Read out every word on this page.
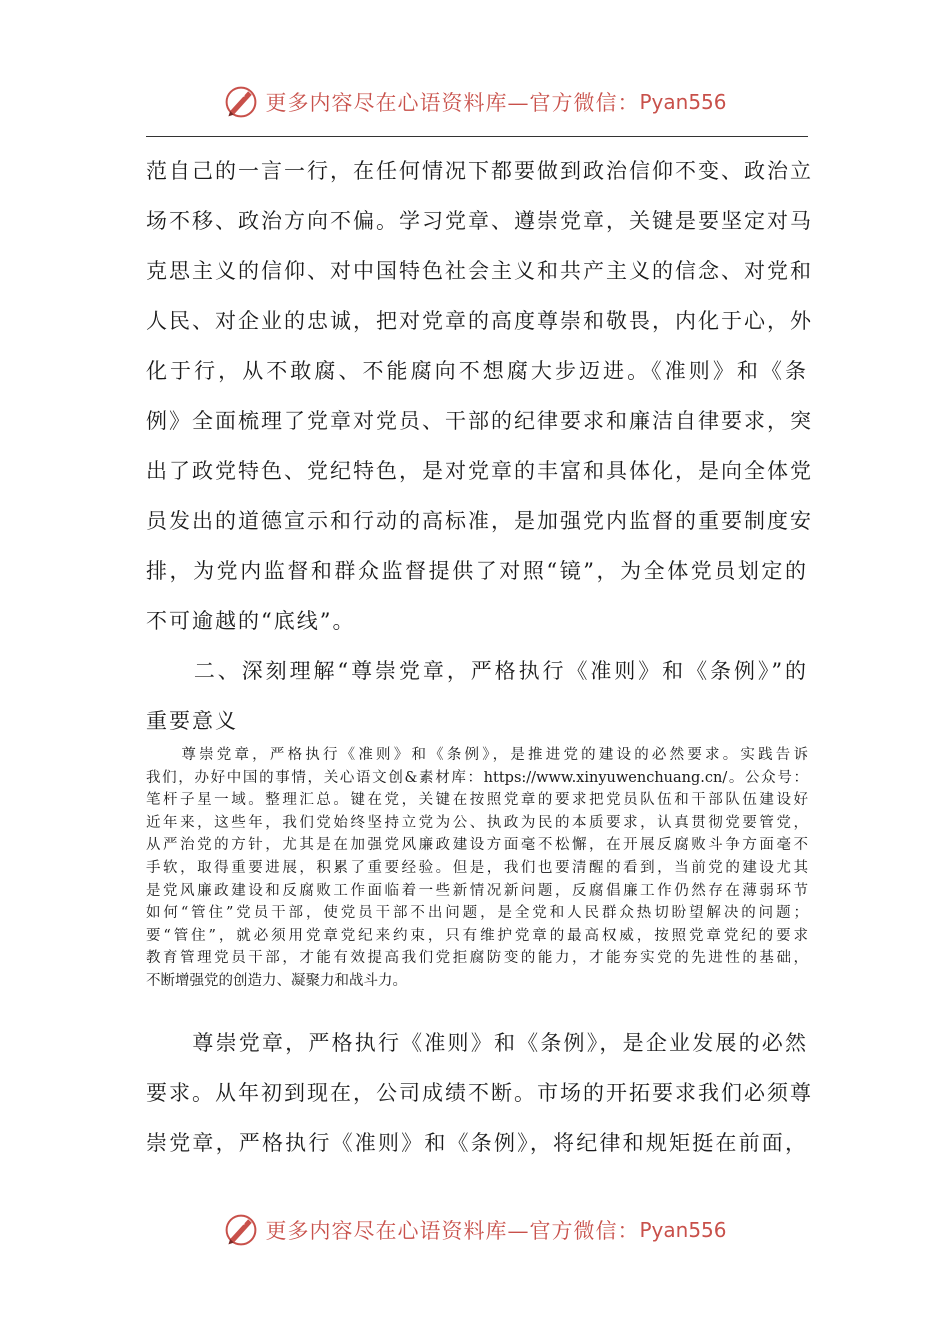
更多内容尽在心语资料库—官方微信： Pyan556
范自己的一言一行，在任何情况下都要做到政治信仰不变、政治立
场不移、政治方向不偏。学习党章、遵崇党章，关键是要坚定对马
克思主义的信仰、对中国特色社会主义和共产主义的信念、对党和
人民、对企业的忠诚，把对党章的高度尊崇和敬畏，内化于心，外
化于行，从不敢腐、不能腐向不想腐大步迈进。《准则》和《条
例》全面梳理了党章对党员、干部的纪律要求和廉洁自律要求，突
出了政党特色、党纪特色，是对党章的丰富和具体化，是向全体党
员发出的道德宣示和行动的高标准，是加强党内监督的重要制度安
排，为党内监督和群众监督提供了对照“镜”，为全体党员划定的
不可逾越的“底线”。
　　二、深刻理解“尊崇党章，严格执行《准则》和《条例》”的
重要意义
　　尊崇党章，严格执行《准则》和《条例》，是推进党的建设的必然要求。实践告诉
我们，办好中国的事情，关心语文创&素材库：https://www.xinyuwenchuang.cn/。公众号：
笔杆子星一域。整理汇总。键在党，关键在按照党章的要求把党员队伍和干部队伍建设好
近年来，这些年，我们党始终坚持立党为公、执政为民的本质要求，认真贯彻党要管党，
从严治党的方针，尤其是在加强党风廉政建设方面毫不松懈，在开展反腐败斗争方面毫不
手软，取得重要进展，积累了重要经验。但是，我们也要清醒的看到，当前党的建设尤其
是党风廉政建设和反腐败工作面临着一些新情况新问题，反腐倡廉工作仍然存在薄弱环节
如何“管住”党员干部，使党员干部不出问题，是全党和人民群众热切盼望解决的问题；
要“管住”，就必须用党章党纪来约束，只有维护党章的最高权威，按照党章党纪的要求
教育管理党员干部，才能有效提高我们党拒腐防变的能力，才能夯实党的先进性的基础，
不断增强党的创造力、凝聚力和战斗力。
　　尊崇党章，严格执行《准则》和《条例》，是企业发展的必然
要求。从年初到现在，公司成绩不断。市场的开拓要求我们必须尊
崇党章，严格执行《准则》和《条例》，将纪律和规矩挺在前面，
更多内容尽在心语资料库—官方微信： Pyan556
